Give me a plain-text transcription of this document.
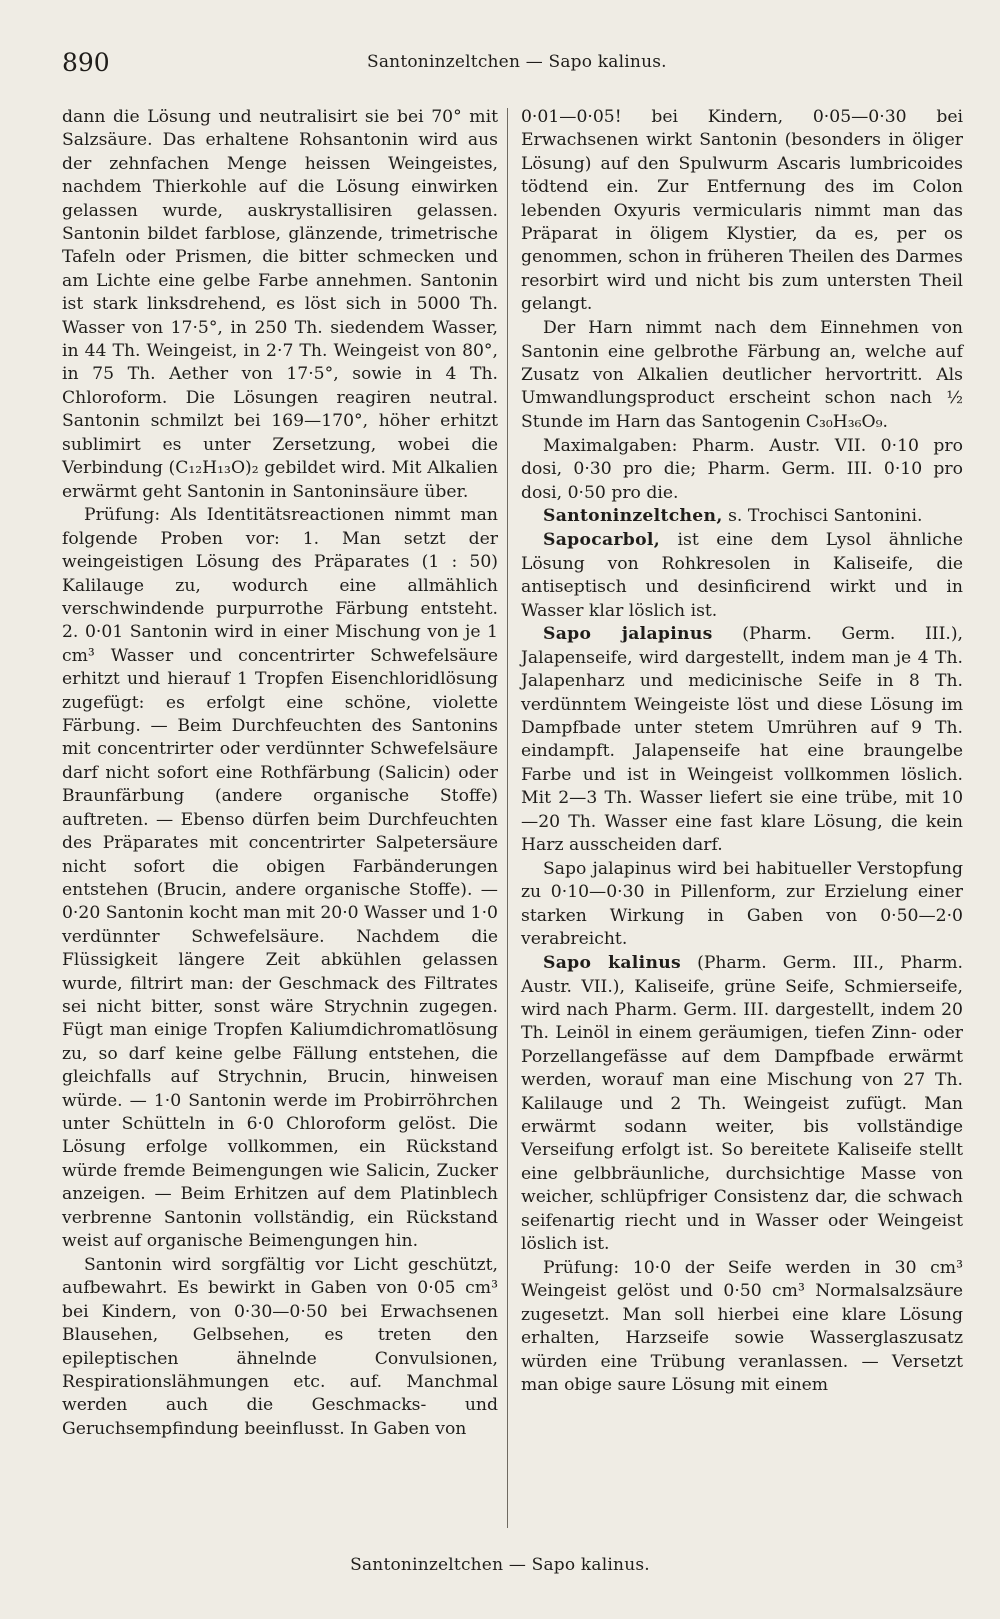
890	Santoninzeltchen — Sapo kalinus.

dann die Lösung und neutralisirt sie bei 70° mit Salzsäure. Das erhaltene Rohsantonin wird aus der zehnfachen Menge heissen Weingeistes, nachdem Thierkohle auf die Lösung einwirken gelassen wurde, auskrystallisiren gelassen. Santonin bildet farblose, glänzende, trimetrische Tafeln oder Prismen, die bitter schmecken und am Lichte eine gelbe Farbe annehmen. Santonin ist stark linksdrehend, es löst sich in 5000 Th. Wasser von 17·5°, in 250 Th. siedendem Wasser, in 44 Th. Weingeist, in 2·7 Th. Weingeist von 80°, in 75 Th. Aether von 17·5°, sowie in 4 Th. Chloroform. Die Lösungen reagiren neutral. Santonin schmilzt bei 169—170°, höher erhitzt sublimirt es unter Zersetzung, wobei die Verbindung (C₁₂H₁₃O)₂ gebildet wird. Mit Alkalien erwärmt geht Santonin in Santoninsäure über.

Prüfung: Als Identitätsreactionen nimmt man folgende Proben vor: 1. Man setzt der weingeistigen Lösung des Präparates (1 : 50) Kalilauge zu, wodurch eine allmählich verschwindende purpurrothe Färbung entsteht. 2. 0·01 Santonin wird in einer Mischung von je 1 cm³ Wasser und concentrirter Schwefelsäure erhitzt und hierauf 1 Tropfen Eisenchloridlösung zugefügt: es erfolgt eine schöne, violette Färbung. — Beim Durchfeuchten des Santonins mit concentrirter oder verdünnter Schwefelsäure darf nicht sofort eine Rothfärbung (Salicin) oder Braunfärbung (andere organische Stoffe) auftreten. — Ebenso dürfen beim Durchfeuchten des Präparates mit concentrirter Salpetersäure nicht sofort die obigen Farbänderungen entstehen (Brucin, andere organische Stoffe). — 0·20 Santonin kocht man mit 20·0 Wasser und 1·0 verdünnter Schwefelsäure. Nachdem die Flüssigkeit längere Zeit abkühlen gelassen wurde, filtrirt man: der Geschmack des Filtrates sei nicht bitter, sonst wäre Strychnin zugegen. Fügt man einige Tropfen Kaliumdichromatlösung zu, so darf keine gelbe Fällung entstehen, die gleichfalls auf Strychnin, Brucin, hinweisen würde. — 1·0 Santonin werde im Probirröhrchen unter Schütteln in 6·0 Chloroform gelöst. Die Lösung erfolge vollkommen, ein Rückstand würde fremde Beimengungen wie Salicin, Zucker anzeigen. — Beim Erhitzen auf dem Platinblech verbrenne Santonin vollständig, ein Rückstand weist auf organische Beimengungen hin.

Santonin wird sorgfältig vor Licht geschützt, aufbewahrt. Es bewirkt in Gaben von 0·05 cm³ bei Kindern, von 0·30—0·50 bei Erwachsenen Blausehen, Gelbsehen, es treten den epileptischen ähnelnde Convulsionen, Respirationslähmungen etc. auf. Manchmal werden auch die Geschmacks- und Geruchsempfindung beeinflusst. In Gaben von

0·01—0·05! bei Kindern, 0·05—0·30 bei Erwachsenen wirkt Santonin (besonders in öliger Lösung) auf den Spulwurm Ascaris lumbricoides tödtend ein. Zur Entfernung des im Colon lebenden Oxyuris vermicularis nimmt man das Präparat in öligem Klystier, da es, per os genommen, schon in früheren Theilen des Darmes resorbirt wird und nicht bis zum untersten Theil gelangt.

Der Harn nimmt nach dem Einnehmen von Santonin eine gelbrothe Färbung an, welche auf Zusatz von Alkalien deutlicher hervortritt. Als Umwandlungsproduct erscheint schon nach ½ Stunde im Harn das Santogenin C₃₀H₃₆O₉.

Maximalgaben: Pharm. Austr. VII. 0·10 pro dosi, 0·30 pro die; Pharm. Germ. III. 0·10 pro dosi, 0·50 pro die.

Santoninzeltchen, s. Trochisci Santonini.

Sapocarbol, ist eine dem Lysol ähnliche Lösung von Rohkresolen in Kaliseife, die antiseptisch und desinficirend wirkt und in Wasser klar löslich ist.

Sapo jalapinus (Pharm. Germ. III.), Jalapenseife, wird dargestellt, indem man je 4 Th. Jalapenharz und medicinische Seife in 8 Th. verdünntem Weingeiste löst und diese Lösung im Dampfbade unter stetem Umrühren auf 9 Th. eindampft. Jalapenseife hat eine braungelbe Farbe und ist in Weingeist vollkommen löslich. Mit 2—3 Th. Wasser liefert sie eine trübe, mit 10—20 Th. Wasser eine fast klare Lösung, die kein Harz ausscheiden darf.

Sapo jalapinus wird bei habitueller Verstopfung zu 0·10—0·30 in Pillenform, zur Erzielung einer starken Wirkung in Gaben von 0·50—2·0 verabreicht.

Sapo kalinus (Pharm. Germ. III., Pharm. Austr. VII.), Kaliseife, grüne Seife, Schmierseife, wird nach Pharm. Germ. III. dargestellt, indem 20 Th. Leinöl in einem geräumigen, tiefen Zinn- oder Porzellangefässe auf dem Dampfbade erwärmt werden, worauf man eine Mischung von 27 Th. Kalilauge und 2 Th. Weingeist zufügt. Man erwärmt sodann weiter, bis vollständige Verseifung erfolgt ist. So bereitete Kaliseife stellt eine gelbbräunliche, durchsichtige Masse von weicher, schlüpfriger Consistenz dar, die schwach seifenartig riecht und in Wasser oder Weingeist löslich ist.

Prüfung: 10·0 der Seife werden in 30 cm³ Weingeist gelöst und 0·50 cm³ Normalsalzsäure zugesetzt. Man soll hierbei eine klare Lösung erhalten, Harzseife sowie Wasserglaszusatz würden eine Trübung veranlassen. — Versetzt man obige saure Lösung mit einem

Santoninzeltchen — Sapo kalinus.
